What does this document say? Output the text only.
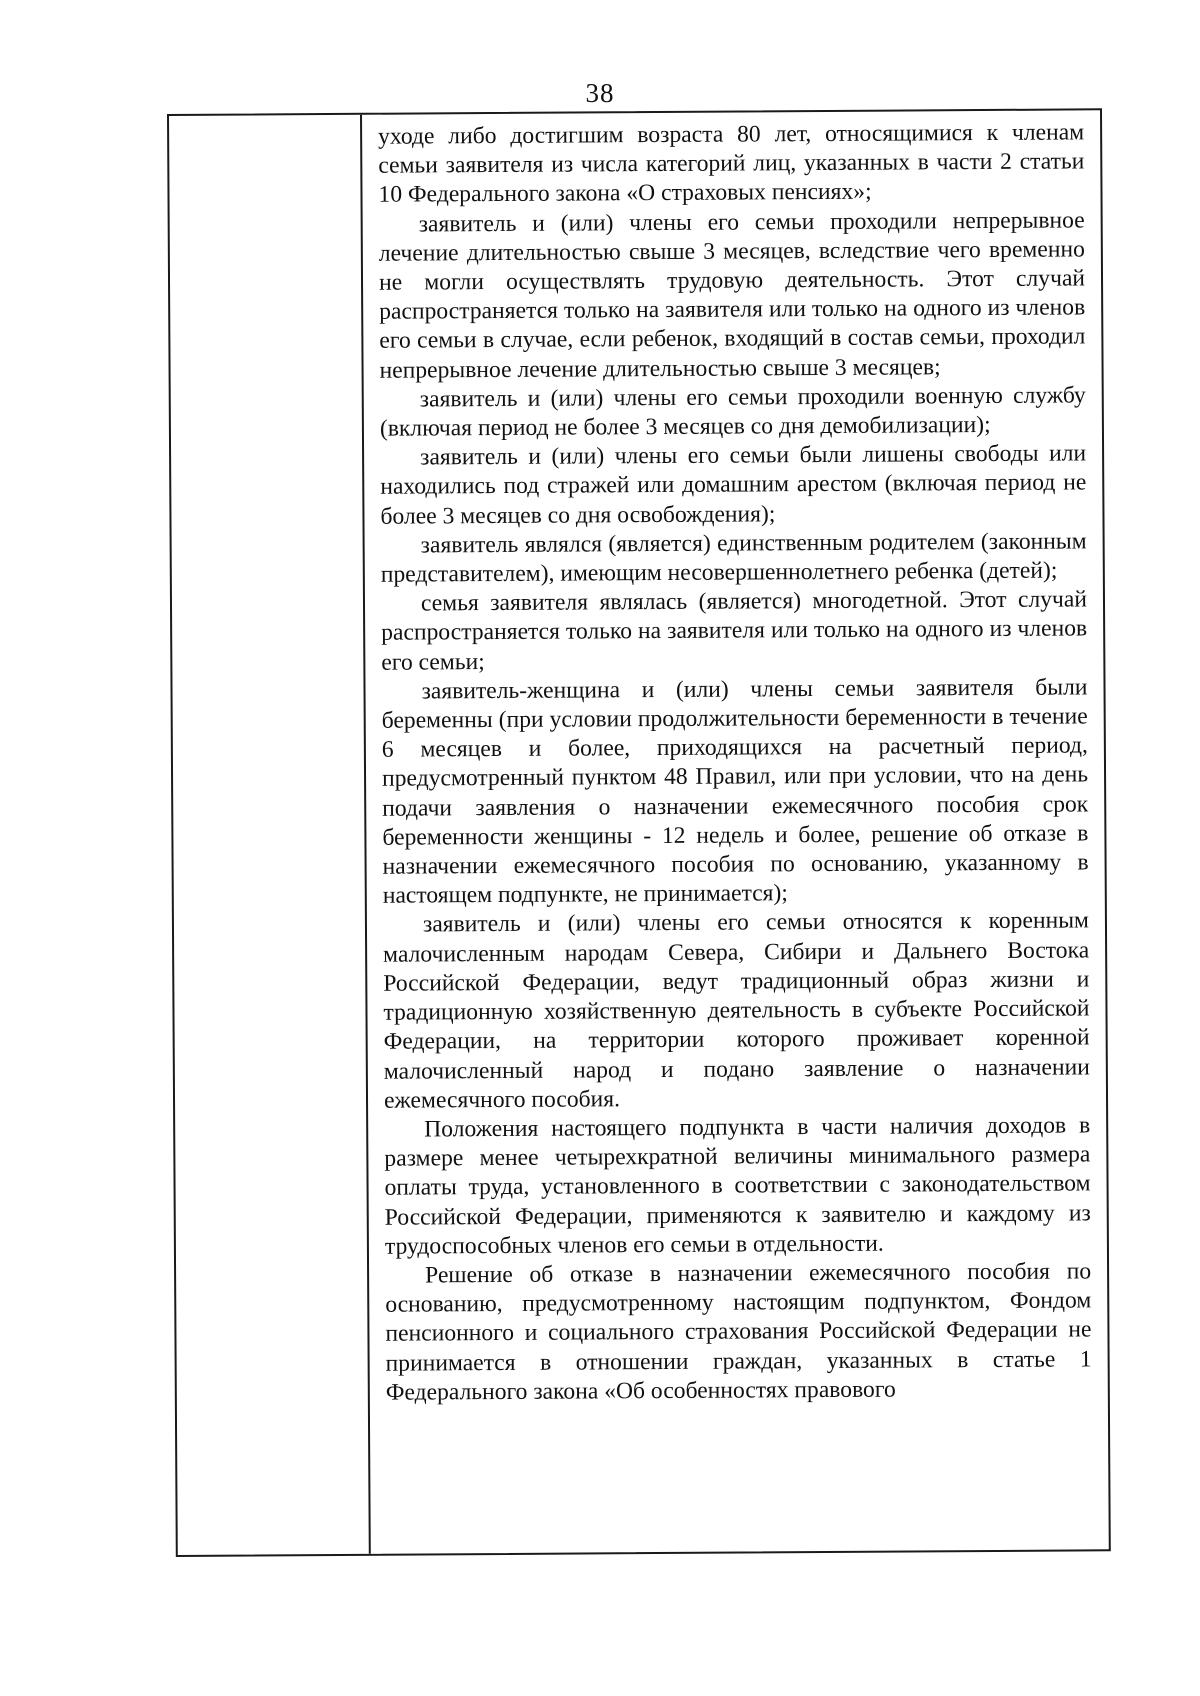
38

уходе либо достигшим возраста 80 лет, относящимися к членам семьи заявителя из числа категорий лиц, указанных в части 2 статьи 10 Федерального закона «О страховых пенсиях»;

заявитель и (или) члены его семьи проходили непрерывное лечение длительностью свыше 3 месяцев, вследствие чего временно не могли осуществлять трудовую деятельность. Этот случай распространяется только на заявителя или только на одного из членов его семьи в случае, если ребенок, входящий в состав семьи, проходил непрерывное лечение длительностью свыше 3 месяцев;

заявитель и (или) члены его семьи проходили военную службу (включая период не более 3 месяцев со дня демобилизации);

заявитель и (или) члены его семьи были лишены свободы или находились под стражей или домашним арестом (включая период не более 3 месяцев со дня освобождения);

заявитель являлся (является) единственным родителем (законным представителем), имеющим несовершеннолетнего ребенка (детей);

семья заявителя являлась (является) многодетной. Этот случай распространяется только на заявителя или только на одного из членов его семьи;

заявитель-женщина и (или) члены семьи заявителя были беременны (при условии продолжительности беременности в течение 6 месяцев и более, приходящихся на расчетный период, предусмотренный пунктом 48 Правил, или при условии, что на день подачи заявления о назначении ежемесячного пособия срок беременности женщины - 12 недель и более, решение об отказе в назначении ежемесячного пособия по основанию, указанному в настоящем подпункте, не принимается);

заявитель и (или) члены его семьи относятся к коренным малочисленным народам Севера, Сибири и Дальнего Востока Российской Федерации, ведут традиционный образ жизни и традиционную хозяйственную деятельность в субъекте Российской Федерации, на территории которого проживает коренной малочисленный народ и подано заявление о назначении ежемесячного пособия.

Положения настоящего подпункта в части наличия доходов в размере менее четырехкратной величины минимального размера оплаты труда, установленного в соответствии с законодательством Российской Федерации, применяются к заявителю и каждому из трудоспособных членов его семьи в отдельности.

Решение об отказе в назначении ежемесячного пособия по основанию, предусмотренному настоящим подпунктом, Фондом пенсионного и социального страхования Российской Федерации не принимается в отношении граждан, указанных в статье 1 Федерального закона «Об особенностях правового
